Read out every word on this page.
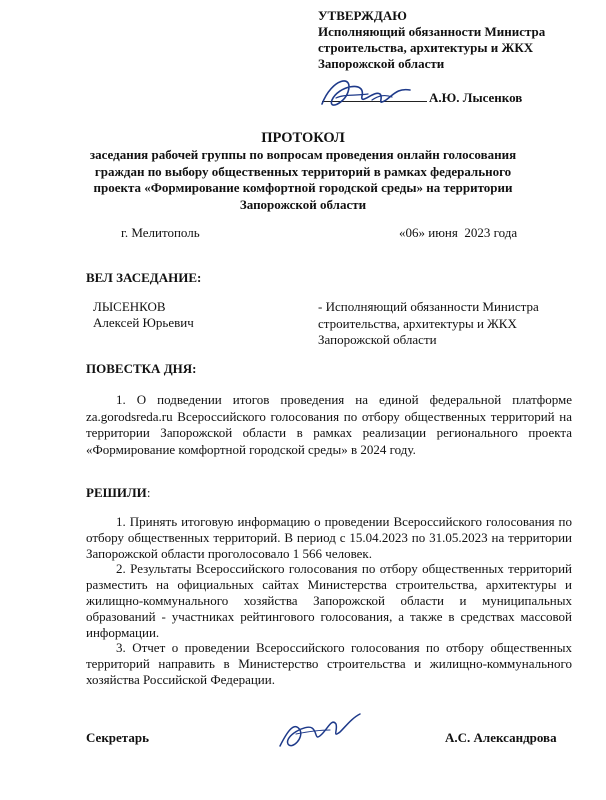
УТВЕРЖДАЮ
Исполняющий обязанности Министра
строительства, архитектуры и ЖКХ
Запорожской области
А.Ю. Лысенков
ПРОТОКОЛ
заседания рабочей группы по вопросам проведения онлайн голосования
граждан по выбору общественных территорий в рамках федерального
проекта «Формирование комфортной городской среды» на территории
Запорожской области
г. Мелитополь	«06» июня  2023 года
ВЕЛ ЗАСЕДАНИЕ:
ЛЫСЕНКОВ
Алексей Юрьевич
- Исполняющий обязанности Министра
строительства, архитектуры и ЖКХ
Запорожской области
ПОВЕСТКА ДНЯ:

1. О подведении итогов проведения на единой федеральной платформе za.gorodsreda.ru Всероссийского голосования по отбору общественных территорий на территории Запорожской области в рамках реализации регионального проекта «Формирование комфортной городской среды» в 2024 году.

РЕШИЛИ:

1. Принять итоговую информацию о проведении Всероссийского голосования по отбору общественных территорий. В период с 15.04.2023 по 31.05.2023 на территории Запорожской области проголосовало 1 566 человек.

2. Результаты Всероссийского голосования по отбору общественных территорий разместить на официальных сайтах Министерства строительства, архитектуры и жилищно-коммунального хозяйства Запорожской области и муниципальных образований - участниках рейтингового голосования, а также в средствах массовой информации.

3. Отчет о проведении Всероссийского голосования по отбору общественных территорий направить в Министерство строительства и жилищно-коммунального хозяйства Российской Федерации.

Секретарь	А.С. Александрова
